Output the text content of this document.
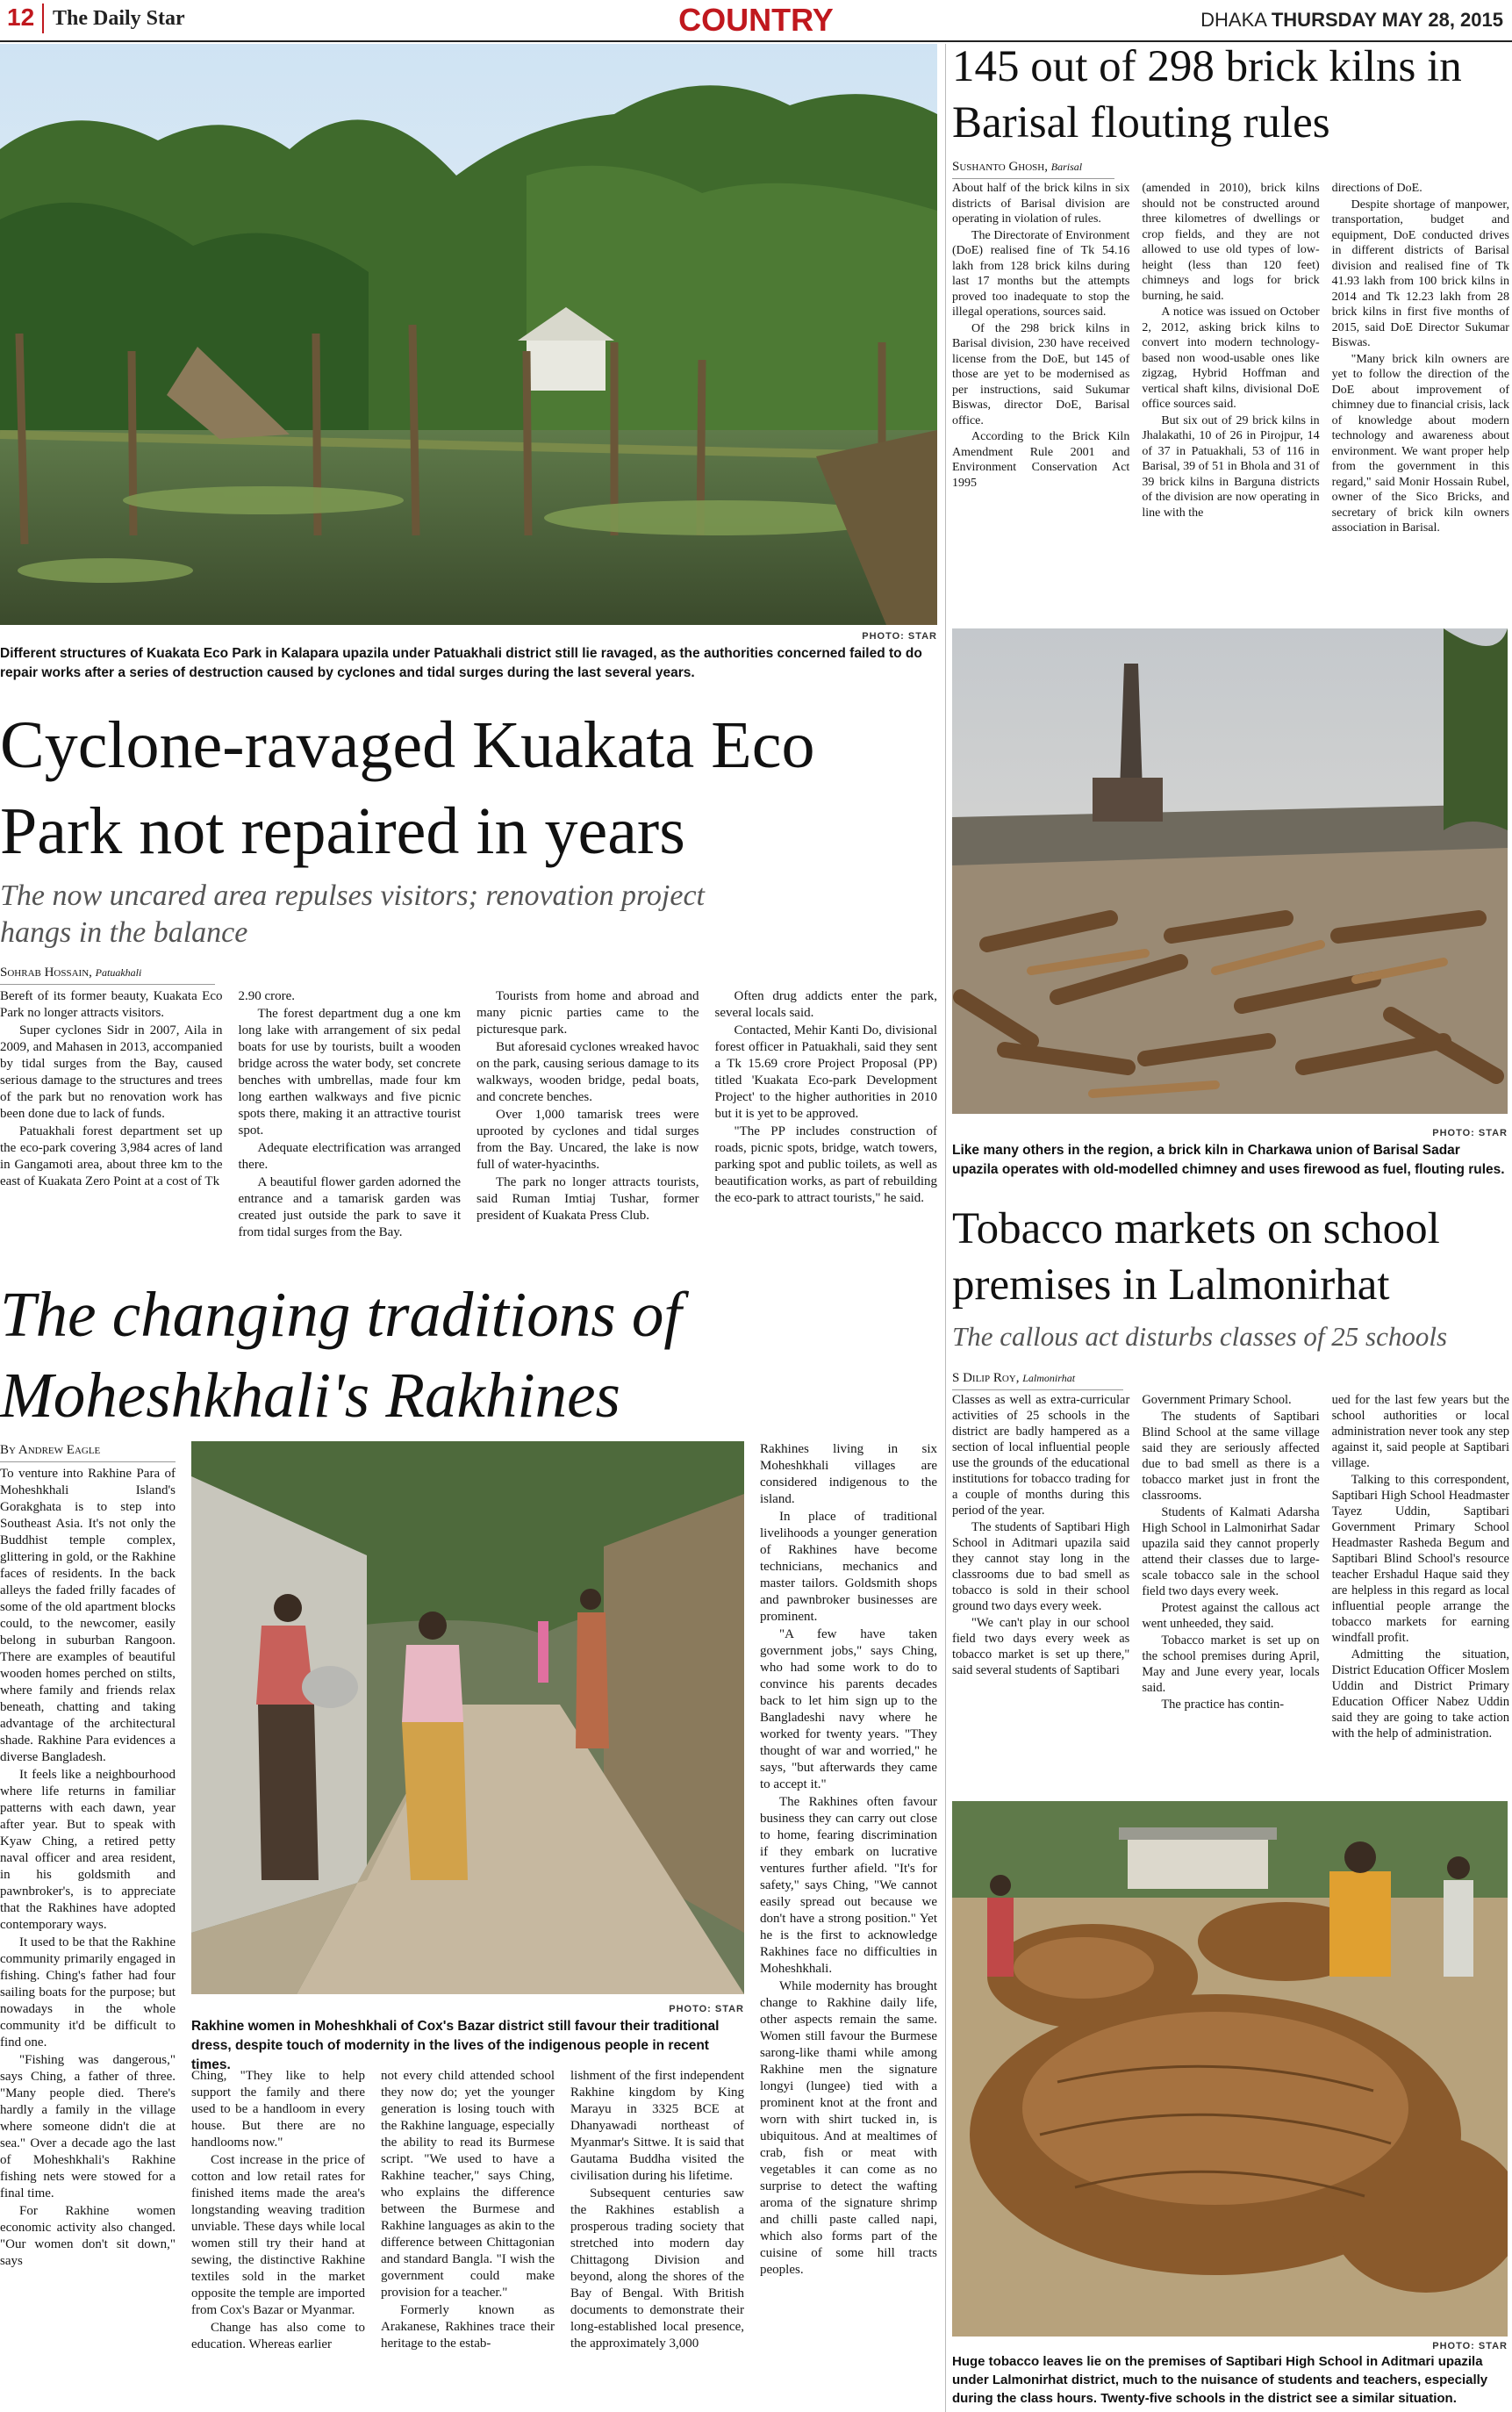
12 The Daily Star	COUNTRY	DHAKA THURSDAY MAY 28, 2015
PHOTO: STAR
Different structures of Kuakata Eco Park in Kalapara upazila under Patuakhali district still lie ravaged, as the authorities concerned failed to do repair works after a series of destruction caused by cyclones and tidal surges during the last several years.
Cyclone-ravaged Kuakata Eco Park not repaired in years
The now uncared area repulses visitors; renovation project hangs in the balance
Sohrab Hossain, Patuakhali

Bereft of its former beauty, Kuakata Eco Park no longer attracts visitors.

Super cyclones Sidr in 2007, Aila in 2009, and Mahasen in 2013, accompanied by tidal surges from the Bay, caused serious damage to the structures and trees of the park but no renovation work has been done due to lack of funds.

Patuakhali forest department set up the eco-park covering 3,984 acres of land in Gangamoti area, about three km to the east of Kuakata Zero Point at a cost of Tk

2.90 crore.

The forest department dug a one km long lake with arrangement of six pedal boats for use by tourists, built a wooden bridge across the water body, set concrete benches with umbrellas, made four km long earthen walkways and five picnic spots there, making it an attractive tourist spot.

Adequate electrification was arranged there.

A beautiful flower garden adorned the entrance and a tamarisk garden was created just outside the park to save it from tidal surges from the Bay.

Tourists from home and abroad and many picnic parties came to the picturesque park.

But aforesaid cyclones wreaked havoc on the park, causing serious damage to its walkways, wooden bridge, pedal boats, and concrete benches.

Over 1,000 tamarisk trees were uprooted by cyclones and tidal surges from the Bay. Uncared, the lake is now full of water-hyacinths.

The park no longer attracts tourists, said Ruman Imtiaj Tushar, former president of Kuakata Press Club.

Often drug addicts enter the park, several locals said.

Contacted, Mehir Kanti Do, divisional forest officer in Patuakhali, said they sent a Tk 15.69 crore Project Proposal (PP) titled 'Kuakata Eco-park Development Project' to the higher authorities in 2010 but it is yet to be approved.

"The PP includes construction of roads, picnic spots, bridge, watch towers, parking spot and public toilets, as well as beautification works, as part of rebuilding the eco-park to attract tourists," he said.

145 out of 298 brick kilns in Barisal flouting rules
Sushanto Ghosh, Barisal

About half of the brick kilns in six districts of Barisal division are operating in violation of rules.

The Directorate of Environment (DoE) realised fine of Tk 54.16 lakh from 128 brick kilns during last 17 months but the attempts proved too inadequate to stop the illegal operations, sources said.

Of the 298 brick kilns in Barisal division, 230 have received license from the DoE, but 145 of those are yet to be modernised as per instructions, said Sukumar Biswas, director DoE, Barisal office.

According to the Brick Kiln Amendment Rule 2001 and Environment Conservation Act 1995

(amended in 2010), brick kilns should not be constructed around three kilometres of dwellings or crop fields, and they are not allowed to use old types of low-height (less than 120 feet) chimneys and logs for brick burning, he said.

A notice was issued on October 2, 2012, asking brick kilns to convert into modern technology-based non wood-usable ones like zigzag, Hybrid Hoffman and vertical shaft kilns, divisional DoE office sources said.

But six out of 29 brick kilns in Jhalakathi, 10 of 26 in Pirojpur, 14 of 37 in Patuakhali, 53 of 116 in Barisal, 39 of 51 in Bhola and 31 of 39 brick kilns in Barguna districts of the division are now operating in line with the

directions of DoE.

Despite shortage of manpower, transportation, budget and equipment, DoE conducted drives in different districts of Barisal division and realised fine of Tk 41.93 lakh from 100 brick kilns in 2014 and Tk 12.23 lakh from 28 brick kilns in first five months of 2015, said DoE Director Sukumar Biswas.

"Many brick kiln owners are yet to follow the direction of the DoE about improvement of chimney due to financial crisis, lack of knowledge about modern technology and awareness about environment. We want proper help from the government in this regard," said Monir Hossain Rubel, owner of the Sico Bricks, and secretary of brick kiln owners association in Barisal.

PHOTO: STAR
Like many others in the region, a brick kiln in Charkawa union of Barisal Sadar upazila operates with old-modelled chimney and uses firewood as fuel, flouting rules.
The changing traditions of Moheshkhali's Rakhines
By Andrew Eagle

To venture into Rakhine Para of Moheshkhali Island's Gorakghata is to step into Southeast Asia. It's not only the Buddhist temple complex, glittering in gold, or the Rakhine faces of residents. In the back alleys the faded frilly facades of some of the old apartment blocks could, to the newcomer, easily belong in suburban Rangoon. There are examples of beautiful wooden homes perched on stilts, where family and friends relax beneath, chatting and taking advantage of the architectural shade. Rakhine Para evidences a diverse Bangladesh.

It feels like a neighbourhood where life returns in familiar patterns with each dawn, year after year. But to speak with Kyaw Ching, a retired petty naval officer and area resident, in his goldsmith and pawnbroker's, is to appreciate that the Rakhines have adopted contemporary ways.

It used to be that the Rakhine community primarily engaged in fishing. Ching's father had four sailing boats for the purpose; but nowadays in the whole community it'd be difficult to find one.

"Fishing was dangerous," says Ching, a father of three. "Many people died. There's hardly a family in the village where someone didn't die at sea." Over a decade ago the last of Moheshkhali's Rakhine fishing nets were stowed for a final time.

For Rakhine women economic activity also changed. "Our women don't sit down," says

PHOTO: STAR
Rakhine women in Moheshkhali of Cox's Bazar district still favour their traditional dress, despite touch of modernity in the lives of the indigenous people in recent times.

Ching, "They like to help support the family and there used to be a handloom in every house. But there are no handlooms now."

Cost increase in the price of cotton and low retail rates for finished items made the area's longstanding weaving tradition unviable. These days while local women still try their hand at sewing, the distinctive Rakhine textiles sold in the market opposite the temple are imported from Cox's Bazar or Myanmar.

Change has also come to education. Whereas earlier

not every child attended school they now do; yet the younger generation is losing touch with the Rakhine language, especially the ability to read its Burmese script. "We used to have a Rakhine teacher," says Ching, who explains the difference between the Burmese and Rakhine languages as akin to the difference between Chittagonian and standard Bangla. "I wish the government could make provision for a teacher."

Formerly known as Arakanese, Rakhines trace their heritage to the estab-

lishment of the first independent Rakhine kingdom by King Marayu in 3325 BCE at Dhanyawadi northeast of Myanmar's Sittwe. It is said that Gautama Buddha visited the civilisation during his lifetime.

Subsequent centuries saw the Rakhines establish a prosperous trading society that stretched into modern day Chittagong Division and beyond, along the shores of the Bay of Bengal. With British documents to demonstrate their long-established local presence, the approximately 3,000

Rakhines living in six Moheshkhali villages are considered indigenous to the island.

In place of traditional livelihoods a younger generation of Rakhines have become technicians, mechanics and master tailors. Goldsmith shops and pawnbroker businesses are prominent.

"A few have taken government jobs," says Ching, who had some work to do to convince his parents decades back to let him sign up to the Bangladeshi navy where he worked for twenty years. "They thought of war and worried," he says, "but afterwards they came to accept it."

The Rakhines often favour business they can carry out close to home, fearing discrimination if they embark on lucrative ventures further afield. "It's for safety," says Ching, "We cannot easily spread out because we don't have a strong position." Yet he is the first to acknowledge Rakhines face no difficulties in Moheshkhali.

While modernity has brought change to Rakhine daily life, other aspects remain the same. Women still favour the Burmese sarong-like thami while among Rakhine men the signature longyi (lungee) tied with a prominent knot at the front and worn with shirt tucked in, is ubiquitous. And at mealtimes of crab, fish or meat with vegetables it can come as no surprise to detect the wafting aroma of the signature shrimp and chilli paste called napi, which also forms part of the cuisine of some hill tracts peoples.

Tobacco markets on school premises in Lalmonirhat
The callous act disturbs classes of 25 schools
S Dilip Roy, Lalmonirhat

Classes as well as extra-curricular activities of 25 schools in the district are badly hampered as a section of local influential people use the grounds of the educational institutions for tobacco trading for a couple of months during this period of the year.

The students of Saptibari High School in Aditmari upazila said they cannot stay long in the classrooms due to bad smell as tobacco is sold in their school ground two days every week.

"We can't play in our school field two days every week as tobacco market is set up there," said several students of Saptibari

Government Primary School.

The students of Saptibari Blind School at the same village said they are seriously affected due to bad smell as there is a tobacco market just in front the classrooms.

Students of Kalmati Adarsha High School in Lalmonirhat Sadar upazila said they cannot properly attend their classes due to large-scale tobacco sale in the school field two days every week.

Protest against the callous act went unheeded, they said.

Tobacco market is set up on the school premises during April, May and June every year, locals said.

The practice has contin-

ued for the last few years but the school authorities or local administration never took any step against it, said people at Saptibari village.

Talking to this correspondent, Saptibari High School Headmaster Tayez Uddin, Saptibari Government Primary School Headmaster Rasheda Begum and Saptibari Blind School's resource teacher Ershadul Haque said they are helpless in this regard as local influential people arrange the tobacco markets for earning windfall profit.

Admitting the situation, District Education Officer Moslem Uddin and District Primary Education Officer Nabez Uddin said they are going to take action with the help of administration.

PHOTO: STAR
Huge tobacco leaves lie on the premises of Saptibari High School in Aditmari upazila under Lalmonirhat district, much to the nuisance of students and teachers, especially during the class hours. Twenty-five schools in the district see a similar situation.
